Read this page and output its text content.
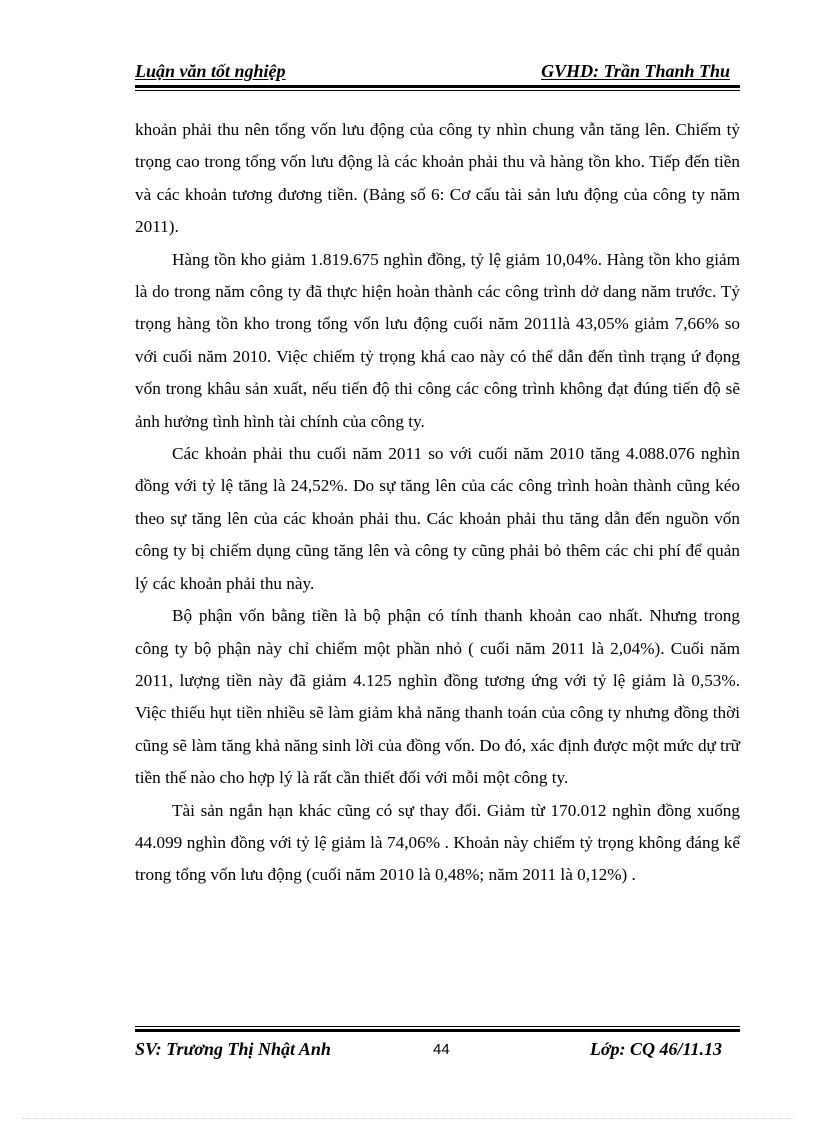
Luận văn tốt nghiệp	GVHD: Trần Thanh Thu

khoản phải thu nên tổng vốn lưu động của công ty nhìn chung vẫn tăng lên. Chiếm tỷ trọng cao trong tổng vốn lưu động là các khoản phải thu và hàng tồn kho. Tiếp đến tiền và các khoản tương đương tiền. (Bảng số 6: Cơ cấu tài sản lưu động của công ty năm 2011).

Hàng tồn kho giảm 1.819.675 nghìn đồng, tỷ lệ giảm 10,04%. Hàng tồn kho giảm là do trong năm công ty đã thực hiện hoàn thành các công trình dở dang năm trước. Tỷ trọng hàng tồn kho trong tổng vốn lưu động cuối năm 2011là 43,05% giảm 7,66% so với cuối năm 2010. Việc chiếm tỷ trọng khá cao này có thể dẫn đến tình trạng ứ đọng vốn trong khâu sản xuất, nếu tiến độ thi công các công trình không đạt đúng tiến độ sẽ ảnh hưởng tình hình tài chính của công ty.

Các khoản phải thu cuối năm 2011 so với cuối năm 2010 tăng 4.088.076 nghìn đồng với tỷ lệ tăng là 24,52%. Do sự tăng lên của các công trình hoàn thành cũng kéo theo sự tăng lên của các khoản phải thu. Các khoản phải thu tăng dẫn đến nguồn vốn công ty bị chiếm dụng cũng tăng lên và công ty cũng phải bỏ thêm các chi phí để quản lý các khoản phải thu này.

Bộ phận vốn bằng tiền là bộ phận có tính thanh khoản cao nhất. Nhưng trong công ty bộ phận này chỉ chiếm một phần nhỏ ( cuối năm 2011 là 2,04%). Cuối năm 2011, lượng tiền này đã giảm 4.125 nghìn đồng tương ứng với tỷ lệ giảm là 0,53%. Việc thiếu hụt tiền nhiều sẽ làm giảm khả năng thanh toán của công ty nhưng đồng thời cũng sẽ làm tăng khả năng sinh lời của đồng vốn. Do đó, xác định được một mức dự trữ tiền thế nào cho hợp lý là rất cần thiết đối với mỗi một công ty.

Tài sản ngắn hạn khác cũng có sự thay đổi. Giảm từ 170.012 nghìn đồng xuống 44.099 nghìn đồng với tỷ lệ giảm là 74,06% . Khoản này chiếm tỷ trọng không đáng kể trong tổng vốn lưu động (cuối năm 2010 là 0,48%; năm 2011 là 0,12%) .

SV: Trương Thị Nhật Anh	44	Lớp: CQ 46/11.13
